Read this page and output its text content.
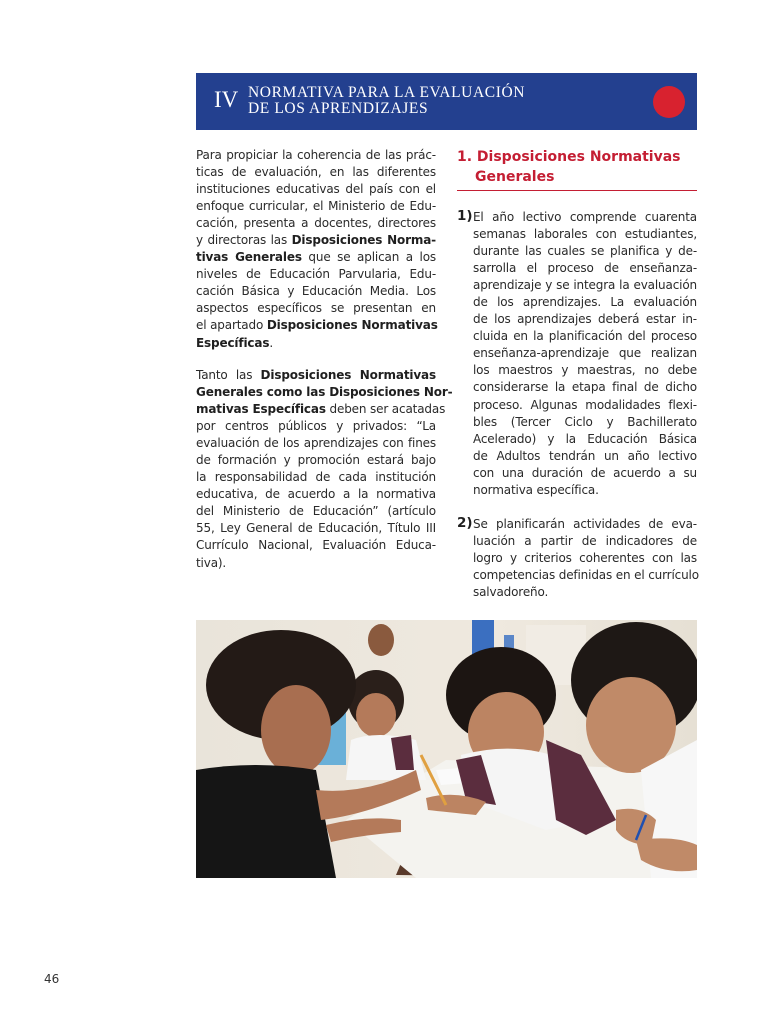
IV NORMATIVA PARA LA EVALUACIÓN
DE LOS APRENDIZAJES
Para propiciar la coherencia de las prác-
ticas de evaluación, en las diferentes
instituciones educativas del país con el
enfoque curricular, el Ministerio de Edu-
cación, presenta a docentes, directores
y directoras las Disposiciones Norma-
tivas Generales que se aplican a los
niveles de Educación Parvularia, Edu-
cación Básica y Educación Media. Los
aspectos específicos se presentan en
el apartado Disposiciones Normativas
Específicas.
Tanto las Disposiciones Normativas
Generales como las Disposiciones Nor-
mativas Específicas deben ser acatadas
por centros públicos y privados: “La
evaluación de los aprendizajes con fines
de formación y promoción estará bajo
la responsabilidad de cada institución
educativa, de acuerdo a la normativa
del Ministerio de Educación” (artículo
55, Ley General de Educación, Título III
Currículo Nacional, Evaluación Educa-
tiva).
1. Disposiciones Normativas
Generales
1) El año lectivo comprende cuarenta
semanas laborales con estudiantes,
durante las cuales se planifica y de-
sarrolla el proceso de enseñanza-
aprendizaje y se integra la evaluación
de los aprendizajes. La evaluación
de los aprendizajes deberá estar in-
cluida en la planificación del proceso
enseñanza-aprendizaje que realizan
los maestros y maestras, no debe
considerarse la etapa final de dicho
proceso. Algunas modalidades flexi-
bles (Tercer Ciclo y Bachillerato
Acelerado) y la Educación Básica
de Adultos tendrán un año lectivo
con una duración de acuerdo a su
normativa específica.
2) Se planificarán actividades de eva-
luación a partir de indicadores de
logro y criterios coherentes con las
competencias definidas en el currículo
salvadoreño.
46
